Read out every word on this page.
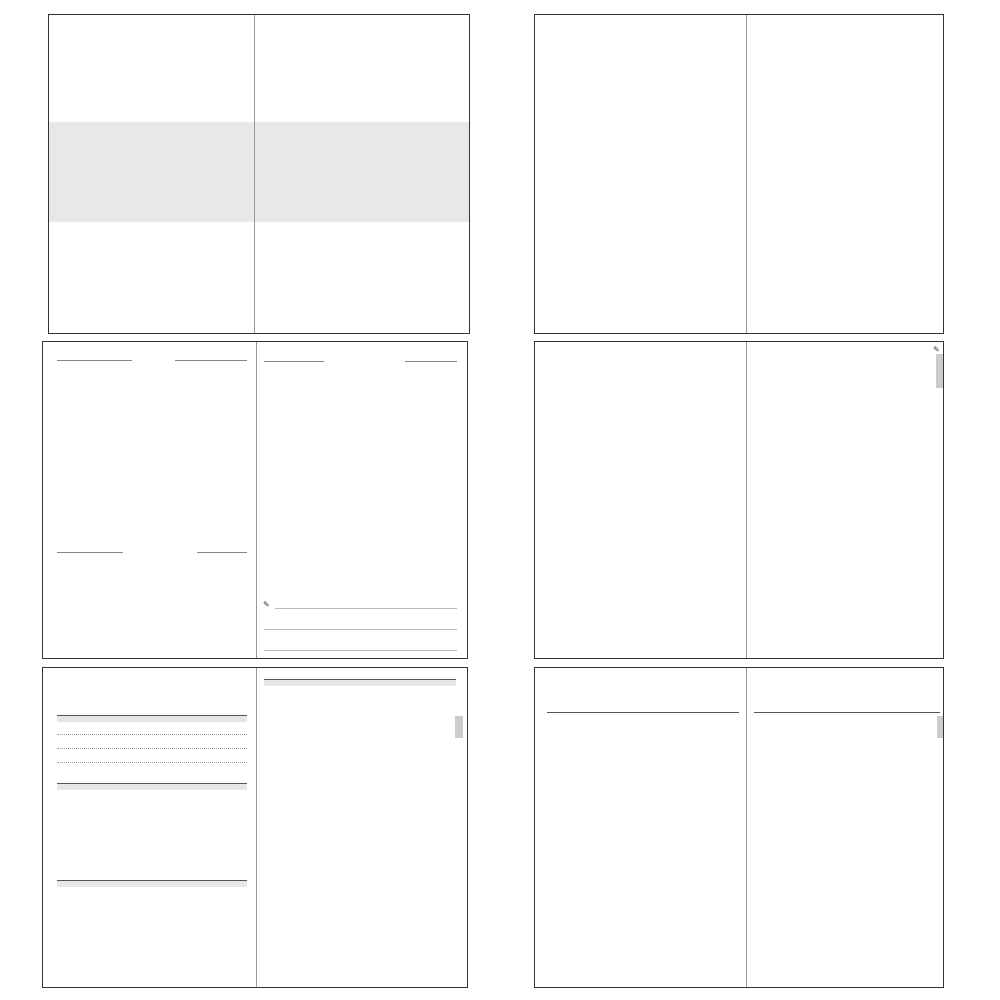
✎
✎
